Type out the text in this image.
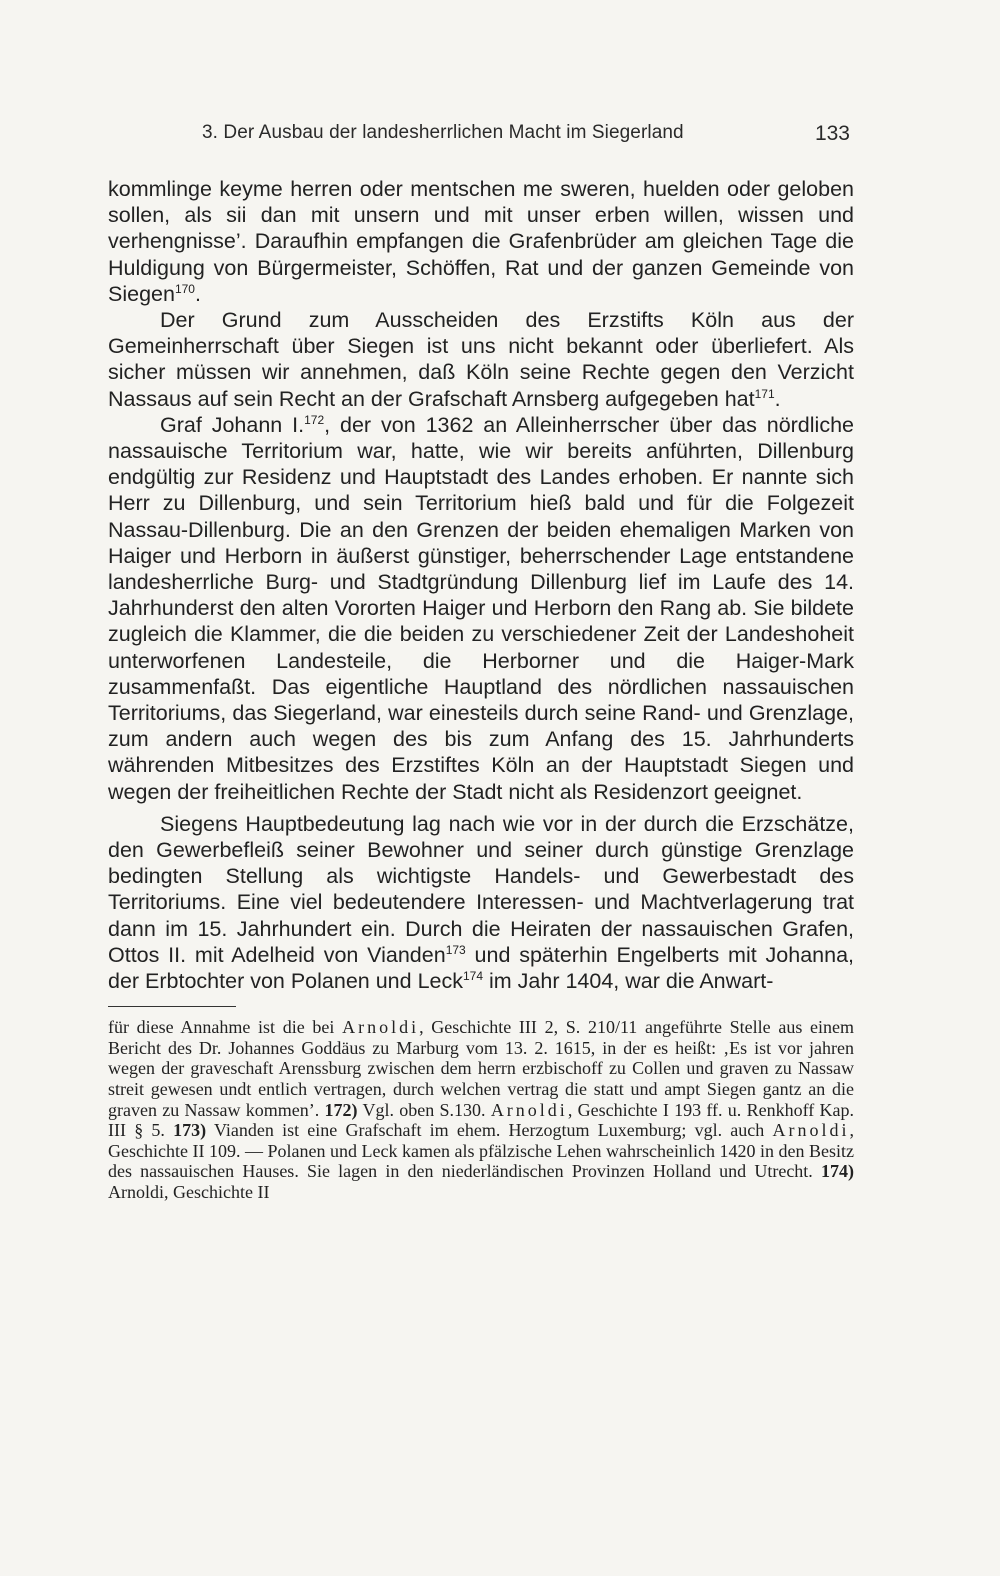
3. Der Ausbau der landesherrlichen Macht im Siegerland	133

kommlinge keyme herren oder mentschen me sweren, huelden oder geloben sollen, als sii dan mit unsern und mit unser erben willen, wissen und verhengnisse’. Daraufhin empfangen die Grafenbrüder am gleichen Tage die Huldigung von Bürgermeister, Schöffen, Rat und der ganzen Gemeinde von Siegen$^{170}$.

Der Grund zum Ausscheiden des Erzstifts Köln aus der Gemeinherrschaft über Siegen ist uns nicht bekannt oder überliefert. Als sicher müssen wir annehmen, daß Köln seine Rechte gegen den Verzicht Nassaus auf sein Recht an der Grafschaft Arnsberg aufgegeben hat$^{171}$.

Graf Johann I.$^{172}$, der von 1362 an Alleinherrscher über das nördliche nassauische Territorium war, hatte, wie wir bereits anführten, Dillenburg endgültig zur Residenz und Hauptstadt des Landes erhoben. Er nannte sich Herr zu Dillenburg, und sein Territorium hieß bald und für die Folgezeit Nassau-Dillenburg. Die an den Grenzen der beiden ehemaligen Marken von Haiger und Herborn in äußerst günstiger, beherrschender Lage entstandene landesherrliche Burg- und Stadtgründung Dillenburg lief im Laufe des 14. Jahrhunderst den alten Vororten Haiger und Herborn den Rang ab. Sie bildete zugleich die Klammer, die die beiden zu verschiedener Zeit der Landeshoheit unterworfenen Landesteile, die Herborner und die Haiger-Mark zusammenfaßt. Das eigentliche Hauptland des nördlichen nassauischen Territoriums, das Siegerland, war einesteils durch seine Rand- und Grenzlage, zum andern auch wegen des bis zum Anfang des 15. Jahrhunderts währenden Mitbesitzes des Erzstiftes Köln an der Hauptstadt Siegen und wegen der freiheitlichen Rechte der Stadt nicht als Residenzort geeignet.

Siegens Hauptbedeutung lag nach wie vor in der durch die Erzschätze, den Gewerbefleiß seiner Bewohner und seiner durch günstige Grenzlage bedingten Stellung als wichtigste Handels- und Gewerbestadt des Territoriums. Eine viel bedeutendere Interessen- und Machtverlagerung trat dann im 15. Jahrhundert ein. Durch die Heiraten der nassauischen Grafen, Ottos II. mit Adelheid von Vianden$^{173}$ und späterhin Engelberts mit Johanna, der Erbtochter von Polanen und Leck$^{174}$ im Jahr 1404, war die Anwart-

für diese Annahme ist die bei Arnoldi, Geschichte III 2, S. 210/11 angeführte Stelle aus einem Bericht des Dr. Johannes Goddäus zu Marburg vom 13. 2. 1615, in der es heißt: ‚Es ist vor jahren wegen der graveschaft Arenssburg zwischen dem herrn erzbischoff zu Collen und graven zu Nassaw streit gewesen undt entlich vertragen, durch welchen vertrag die statt und ampt Siegen gantz an die graven zu Nassaw kommen’. 172) Vgl. oben S.130. Arnoldi, Geschichte I 193 ff. u. Renkhoff Kap. III § 5. 173) Vianden ist eine Grafschaft im ehem. Herzogtum Luxemburg; vgl. auch Arnoldi, Geschichte II 109. — Polanen und Leck kamen als pfälzische Lehen wahrscheinlich 1420 in den Besitz des nassauischen Hauses. Sie lagen in den niederländischen Provinzen Holland und Utrecht. 174) Arnoldi, Geschichte II
